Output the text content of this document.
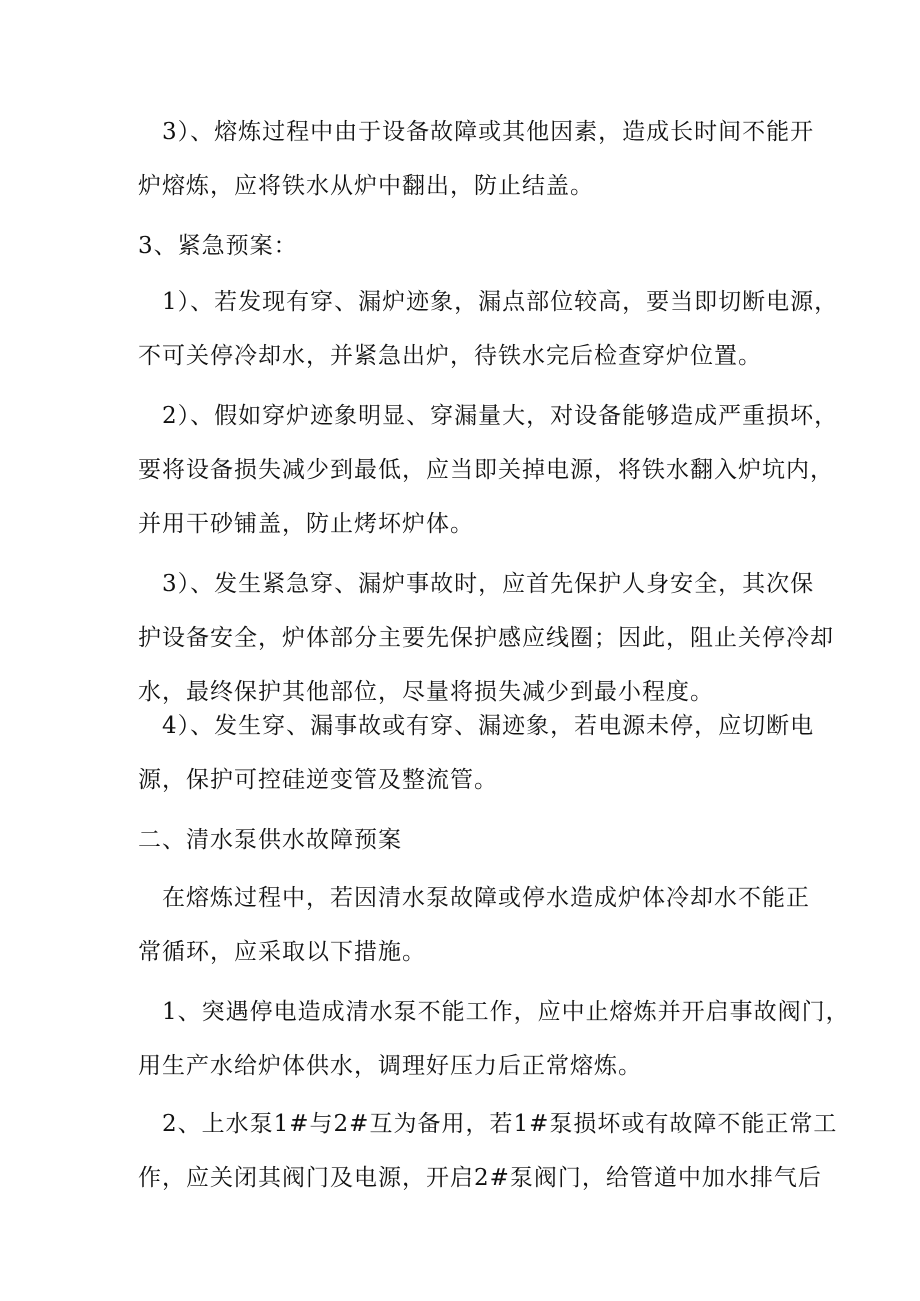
3）、熔炼过程中由于设备故障或其他因素，造成长时间不能开
炉熔炼，应将铁水从炉中翻出，防止结盖。
3、紧急预案：
1）、若发现有穿、漏炉迹象，漏点部位较高，要当即切断电源，
不可关停冷却水，并紧急出炉，待铁水完后检查穿炉位置。
2）、假如穿炉迹象明显、穿漏量大，对设备能够造成严重损坏，
要将设备损失减少到最低，应当即关掉电源，将铁水翻入炉坑内，
并用干砂铺盖，防止烤坏炉体。
3）、发生紧急穿、漏炉事故时，应首先保护人身安全，其次保
护设备安全，炉体部分主要先保护感应线圈；因此，阻止关停冷却
水，最终保护其他部位，尽量将损失减少到最小程度。
4）、发生穿、漏事故或有穿、漏迹象，若电源未停，应切断电
源，保护可控硅逆变管及整流管。
二、清水泵供水故障预案
在熔炼过程中，若因清水泵故障或停水造成炉体冷却水不能正
常循环，应采取以下措施。
1、突遇停电造成清水泵不能工作，应中止熔炼并开启事故阀门，
用生产水给炉体供水，调理好压力后正常熔炼。
2、上水泵1#与2#互为备用，若1#泵损坏或有故障不能正常工
作，应关闭其阀门及电源，开启2#泵阀门，给管道中加水排气后
